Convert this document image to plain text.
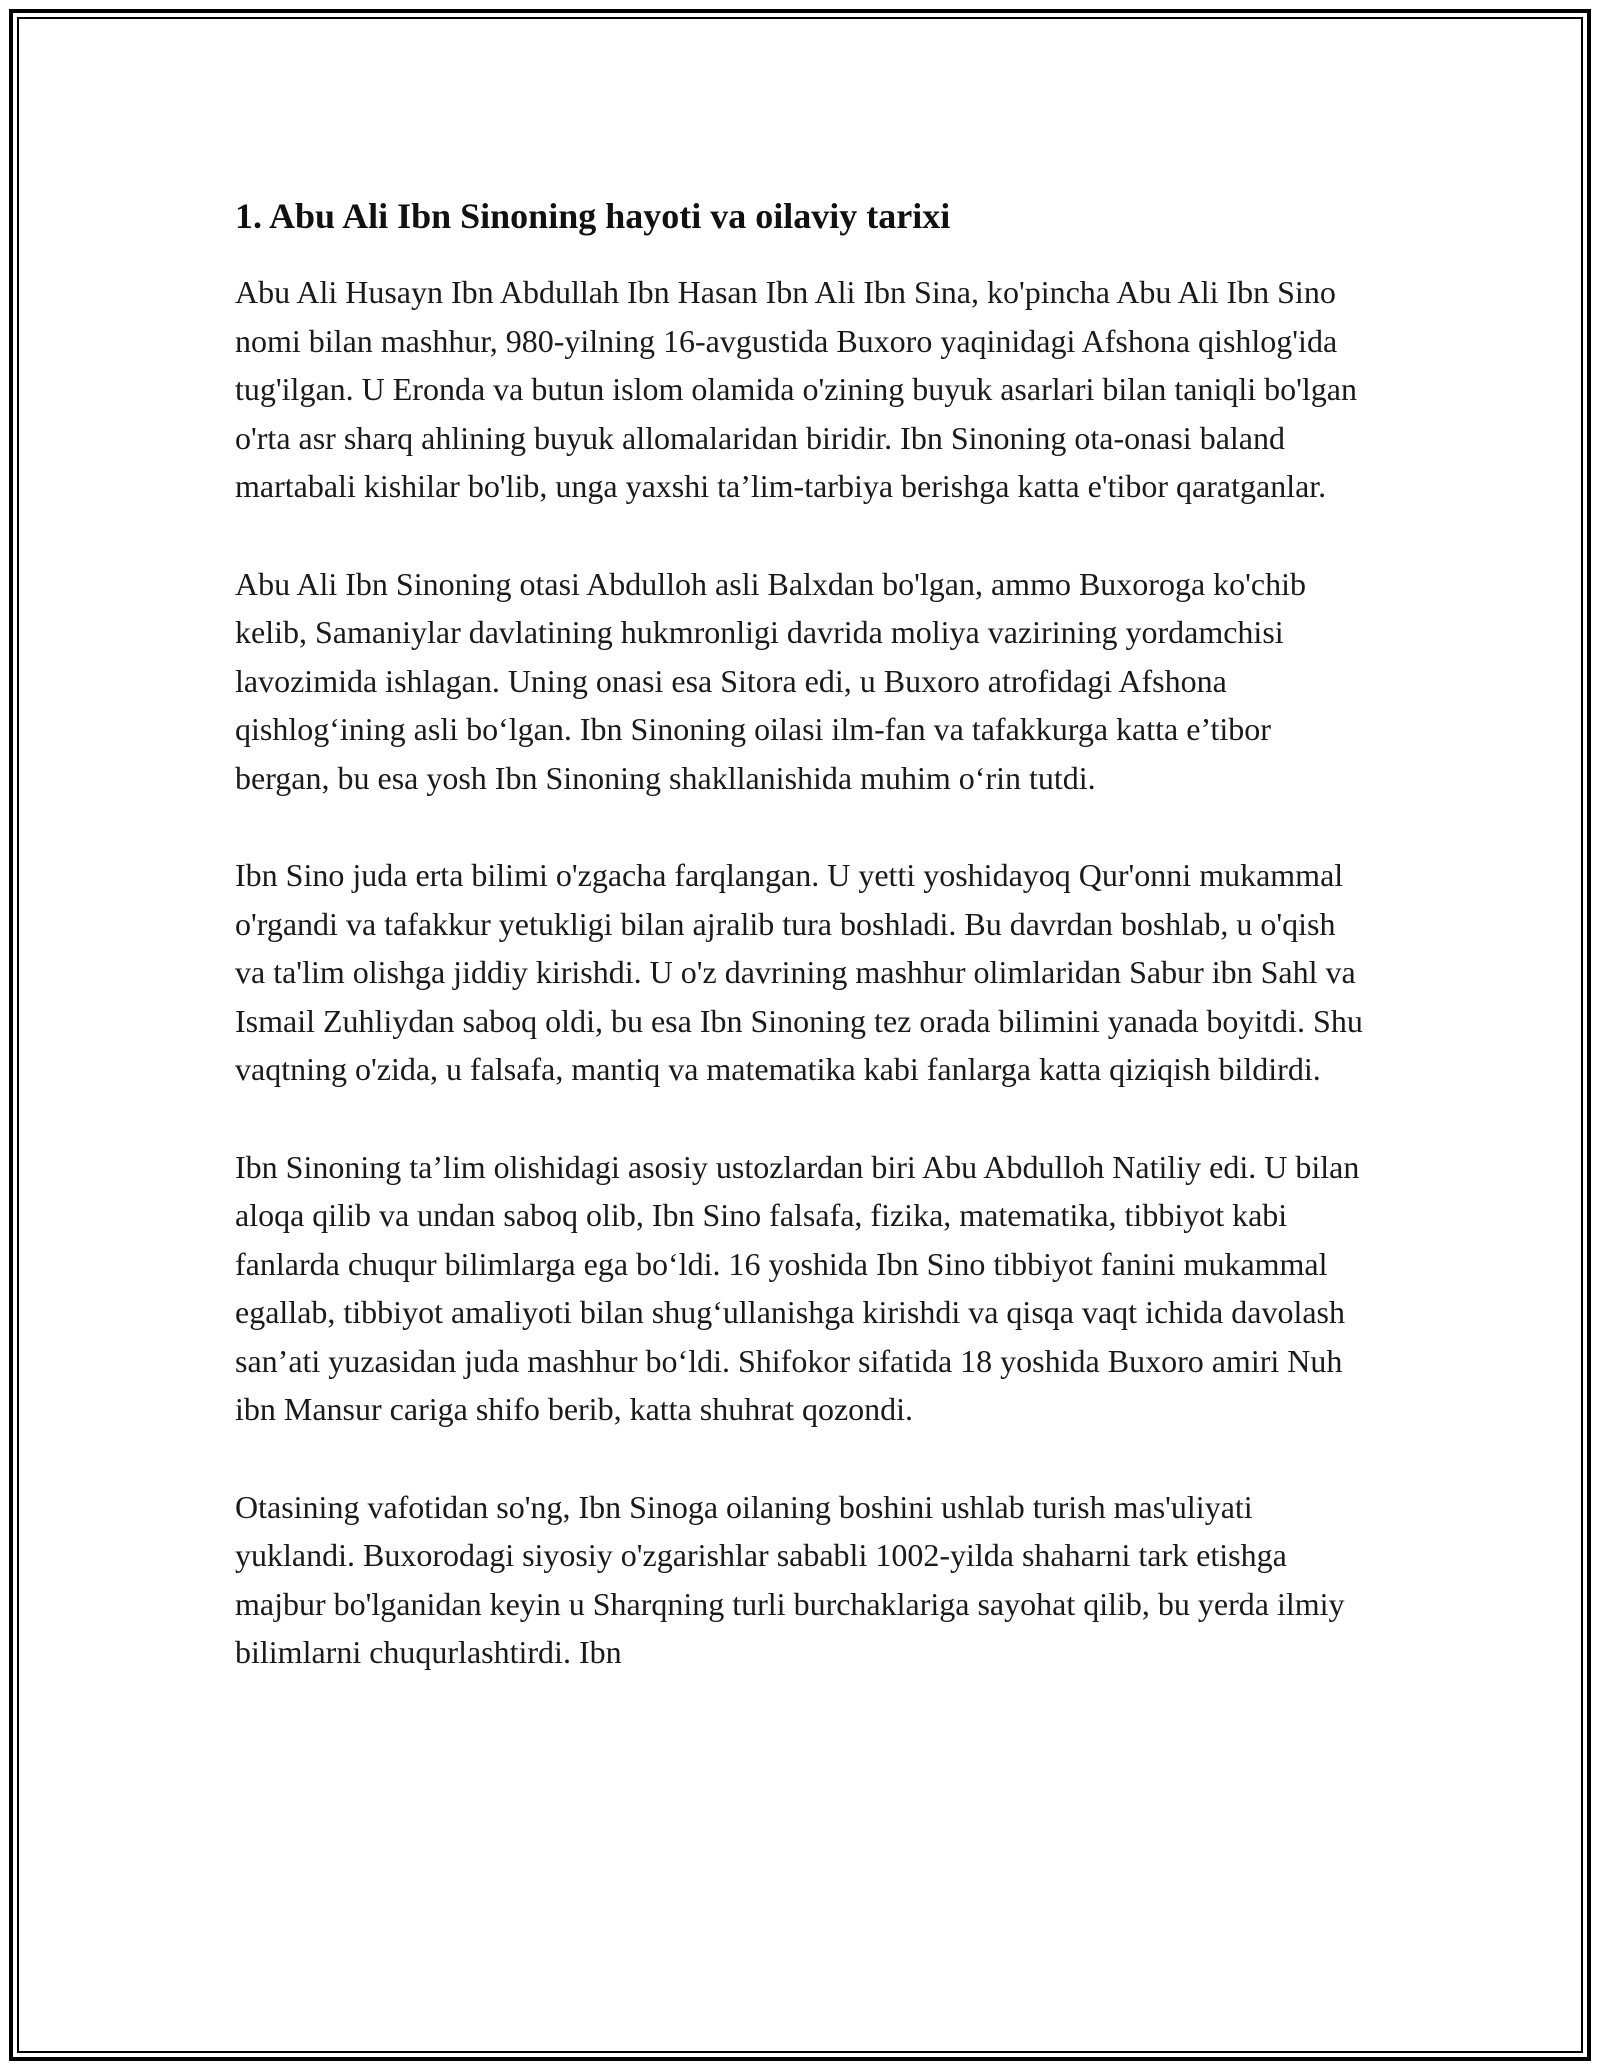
1. Abu Ali Ibn Sinoning hayoti va oilaviy tarixi

Abu Ali Husayn Ibn Abdullah Ibn Hasan Ibn Ali Ibn Sina, ko'pincha Abu Ali Ibn Sino nomi bilan mashhur, 980-yilning 16-avgustida Buxoro yaqinidagi Afshona qishlog'ida tug'ilgan. U Eronda va butun islom olamida o'zining buyuk asarlari bilan taniqli bo'lgan o'rta asr sharq ahlining buyuk allomalaridan biridir. Ibn Sinoning ota-onasi baland martabali kishilar bo'lib, unga yaxshi ta’lim-tarbiya berishga katta e'tibor qaratganlar.

Abu Ali Ibn Sinoning otasi Abdulloh asli Balxdan bo'lgan, ammo Buxoroga ko'chib kelib, Samaniylar davlatining hukmronligi davrida moliya vazirining yordamchisi lavozimida ishlagan. Uning onasi esa Sitora edi, u Buxoro atrofidagi Afshona qishlog‘ining asli bo‘lgan. Ibn Sinoning oilasi ilm-fan va tafakkurga katta e’tibor bergan, bu esa yosh Ibn Sinoning shakllanishida muhim o‘rin tutdi.

Ibn Sino juda erta bilimi o'zgacha farqlangan. U yetti yoshidayoq Qur'onni mukammal o'rgandi va tafakkur yetukligi bilan ajralib tura boshladi. Bu davrdan boshlab, u o'qish va ta'lim olishga jiddiy kirishdi. U o'z davrining mashhur olimlaridan Sabur ibn Sahl va Ismail Zuhliydan saboq oldi, bu esa Ibn Sinoning tez orada bilimini yanada boyitdi. Shu vaqtning o'zida, u falsafa, mantiq va matematika kabi fanlarga katta qiziqish bildirdi.

Ibn Sinoning ta’lim olishidagi asosiy ustozlardan biri Abu Abdulloh Natiliy edi. U bilan aloqa qilib va undan saboq olib, Ibn Sino falsafa, fizika, matematika, tibbiyot kabi fanlarda chuqur bilimlarga ega bo‘ldi. 16 yoshida Ibn Sino tibbiyot fanini mukammal egallab, tibbiyot amaliyoti bilan shug‘ullanishga kirishdi va qisqa vaqt ichida davolash san’ati yuzasidan juda mashhur bo‘ldi. Shifokor sifatida 18 yoshida Buxoro amiri Nuh ibn Mansur cariga shifo berib, katta shuhrat qozondi.

Otasining vafotidan so'ng, Ibn Sinoga oilaning boshini ushlab turish mas'uliyati yuklandi. Buxorodagi siyosiy o'zgarishlar sababli 1002-yilda shaharni tark etishga majbur bo'lganidan keyin u Sharqning turli burchaklariga sayohat qilib, bu yerda ilmiy bilimlarni chuqurlashtirdi. Ibn
